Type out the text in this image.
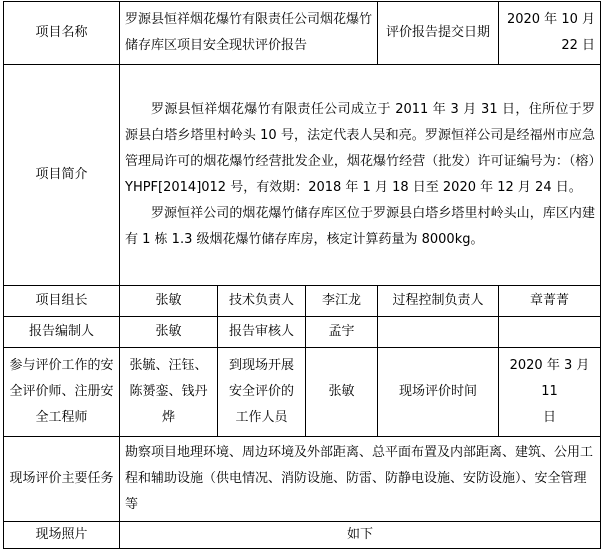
项目名称	罗源县恒祥烟花爆竹有限责任公司烟花爆竹储存库区项目安全现状评价报告			评价报告提交日期	2020 年 10 月
22 日

项目简介	罗源县恒祥烟花爆竹有限责任公司成立于 2011 年 3 月 31 日，住所位于罗源县白塔乡塔里村岭头 10 号，法定代表人吴和亮。罗源恒祥公司是经福州市应急管理局许可的烟花爆竹经营批发企业，烟花爆竹经营（批发）许可证编号为：（榕）YHPF[2014]012 号，有效期：2018 年 1 月 18 日至 2020 年 12 月 24 日。

罗源恒祥公司的烟花爆竹储存库区位于罗源县白塔乡塔里村岭头山，库区内建有 1 栋 1.3 级烟花爆竹储存库房，核定计算药量为 8000kg。				

项目组长	张敏	技术负责人	李江龙	过程控制负责人	章菁菁
报告编制人	张敏	报告审核人	孟宇		
参与评价工作的安全评价师、注册安全工程师	张毓、汪钰、陈赟銮、钱丹烨	到现场开展安全评价的工作人员	张敏	现场评价时间	2020 年 3 月 11
日

现场评价主要任务	勘察项目地理环境、周边环境及外部距离、总平面布置及内部距离、建筑、公用工程和辅助设施（供电情况、消防设施、防雷、防静电设施、安防设施）、安全管理等				
现场照片	如下				
